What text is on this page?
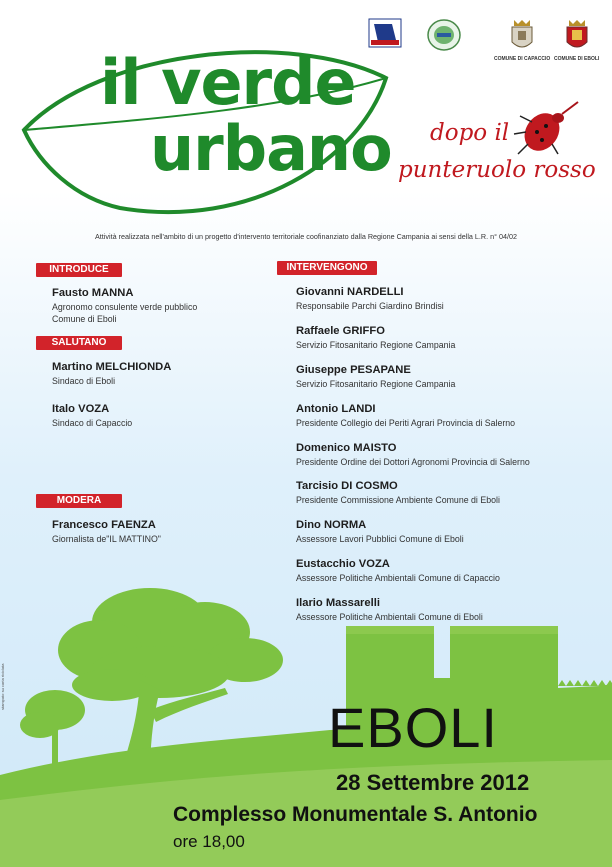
COMUNE DI CAPACCIO COMUNE DI EBOLI
il verde
urbano dopo il
punteruolo rosso
Attività realizzata nell'ambito di un progetto d'intervento territoriale coofinanziato dalla Regione Campania ai sensi della L.R. n° 04/02
INTRODUCE
Fausto MANNA
Agronomo consulente verde pubblico
Comune di Eboli
SALUTANO
Martino MELCHIONDA
Sindaco di Eboli
Italo VOZA
Sindaco di Capaccio
MODERA
Francesco FAENZA
Giornalista de"IL MATTINO"
INTERVENGONO
Giovanni NARDELLI
Responsabile Parchi Giardino Brindisi
Raffaele GRIFFO
Servizio Fitosanitario Regione Campania
Giuseppe PESAPANE
Servizio Fitosanitario Regione Campania
Antonio LANDI
Presidente Collegio dei Periti Agrari Provincia di Salerno
Domenico MAISTO
Presidente Ordine dei Dottori Agronomi Provincia di Salerno
Tarcisio DI COSMO
Presidente Commissione Ambiente Comune di Eboli
Dino NORMA
Assessore Lavori Pubblici Comune di Eboli
Eustacchio VOZA
Assessore Politiche Ambientali Comune di Capaccio
Ilario Massarelli
Assessore Politiche Ambientali Comune di Eboli
EBOLI
28 Settembre 2012
Complesso Monumentale S. Antonio
ore 18,00
stampato su carta riciclata
